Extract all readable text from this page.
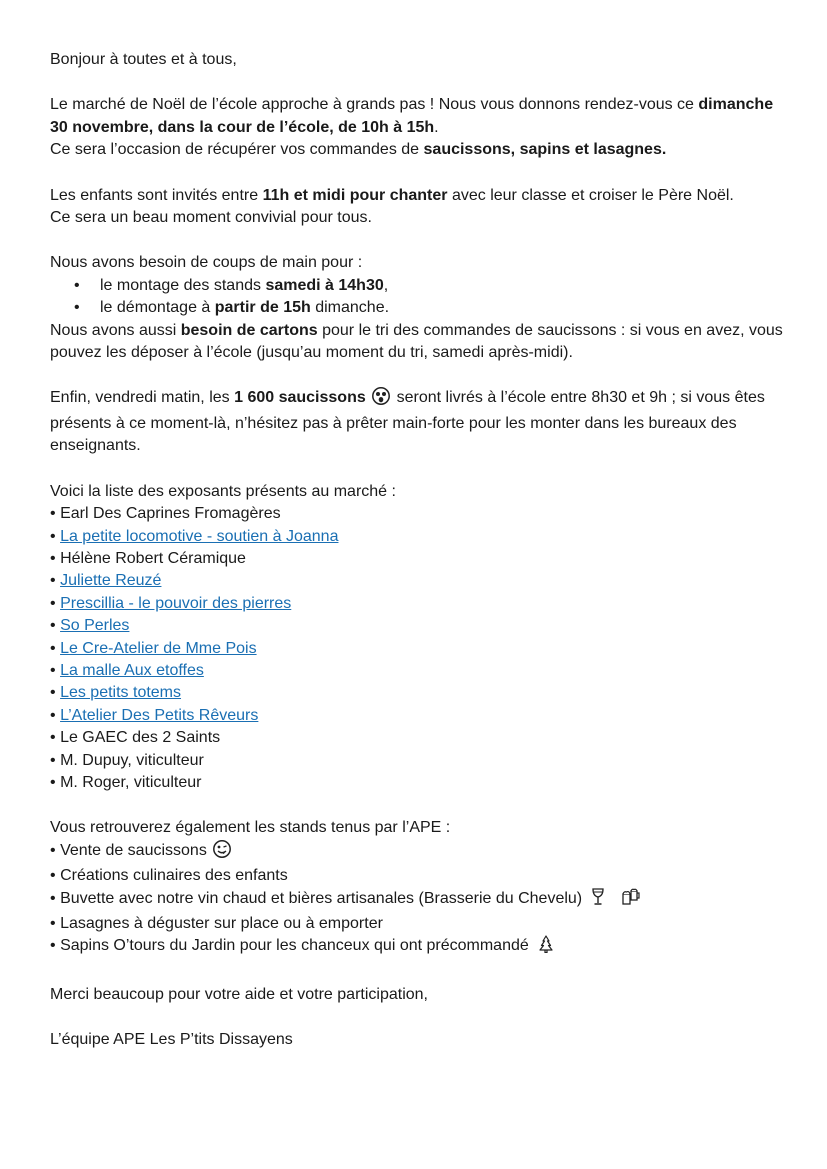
Bonjour à toutes et à tous,

Le marché de Noël de l’école approche à grands pas ! Nous vous donnons rendez-vous ce dimanche 30 novembre, dans la cour de l’école, de 10h à 15h.

Ce sera l’occasion de récupérer vos commandes de saucissons, sapins et lasagnes.

Les enfants sont invités entre 11h et midi pour chanter avec leur classe et croiser le Père Noël.

Ce sera un beau moment convivial pour tous.

Nous avons besoin de coups de main pour :

• le montage des stands samedi à 14h30,
• le démontage à partir de 15h dimanche.

Nous avons aussi besoin de cartons pour le tri des commandes de saucissons : si vous en avez, vous pouvez les déposer à l’école (jusqu’au moment du tri, samedi après-midi).

Enfin, vendredi matin, les 1 600 saucissons  seront livrés à l’école entre 8h30 et 9h ; si vous êtes présents à ce moment-là, n’hésitez pas à prêter main-forte pour les monter dans les bureaux des enseignants.

Voici la liste des exposants présents au marché :

• Earl Des Caprines Fromagères
• La petite locomotive - soutien à Joanna
• Hélène Robert Céramique
• Juliette Reuzé
• Prescillia - le pouvoir des pierres
• So Perles
• Le Cre-Atelier de Mme Pois
• La malle Aux etoffes
• Les petits totems
• L’Atelier Des Petits Rêveurs
• Le GAEC des 2 Saints
• M. Dupuy, viticulteur
• M. Roger, viticulteur

Vous retrouverez également les stands tenus par l’APE :

• Vente de saucissons
• Créations culinaires des enfants
• Buvette avec notre vin chaud et bières artisanales (Brasserie du Chevelu)
• Lasagnes à déguster sur place ou à emporter
• Sapins O’tours du Jardin pour les chanceux qui ont précommandé

Merci beaucoup pour votre aide et votre participation,

L’équipe APE Les P’tits Dissayens
